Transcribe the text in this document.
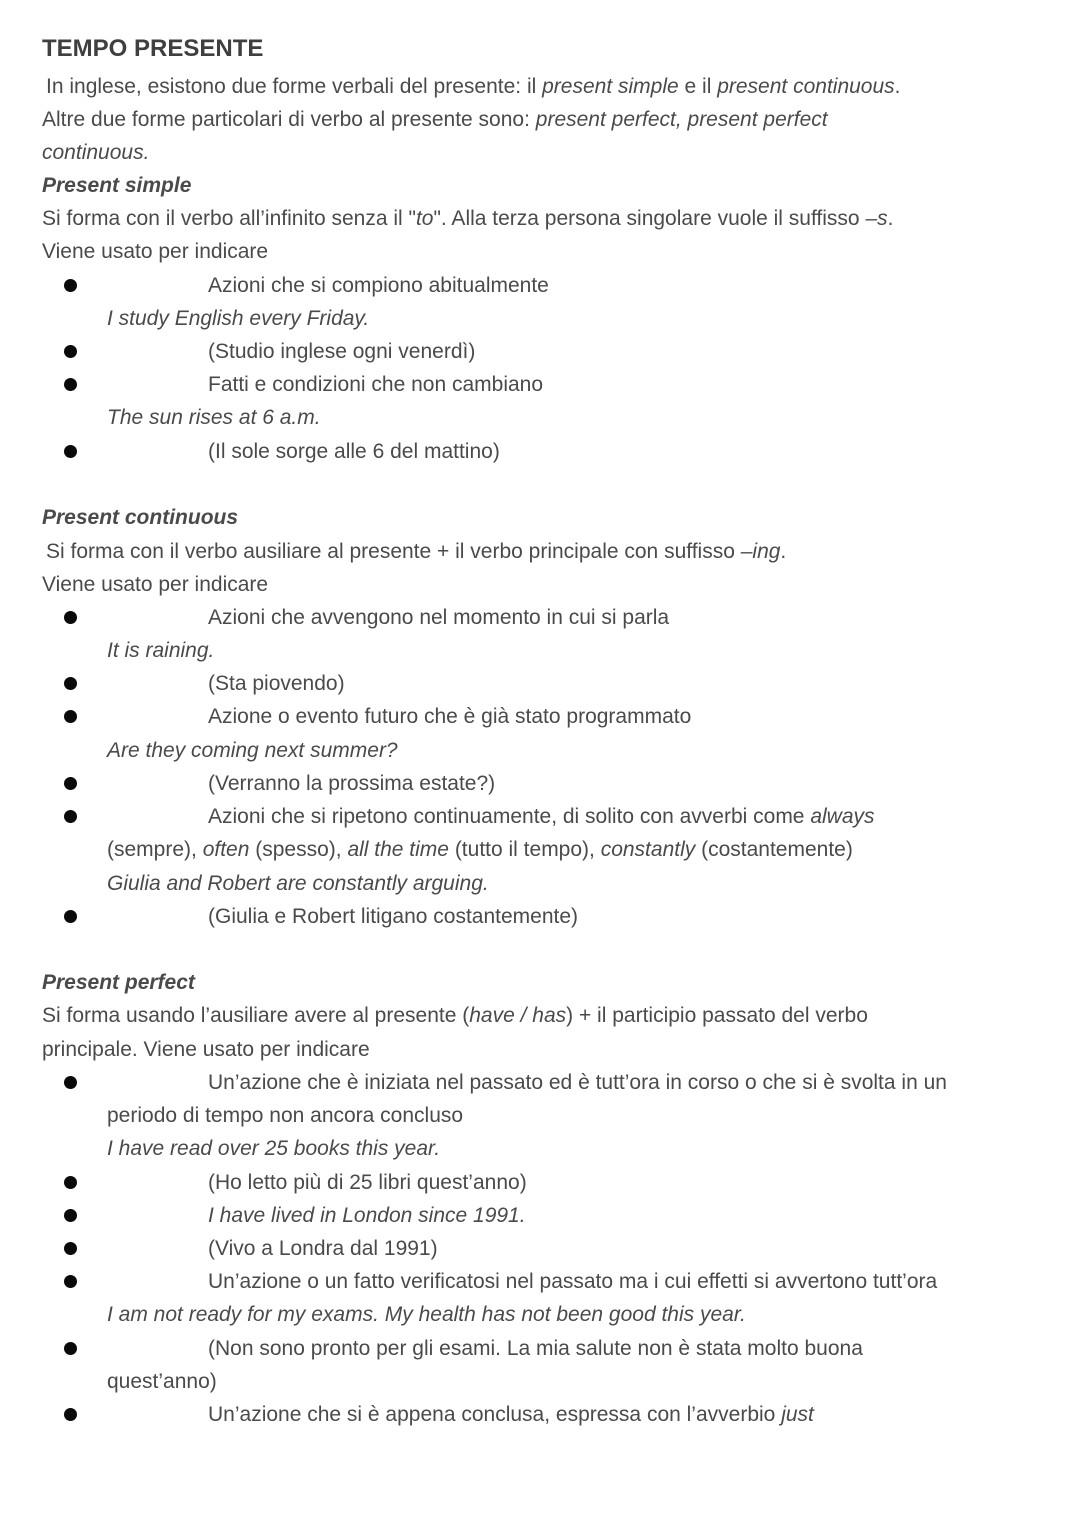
TEMPO PRESENTE
In inglese, esistono due forme verbali del presente: il present simple e il present continuous.
Altre due forme particolari di verbo al presente sono: present perfect, present perfect
continuous.
Present simple
Si forma con il verbo all’infinito senza il "to". Alla terza persona singolare vuole il suffisso –s.
Viene usato per indicare
Azioni che si compiono abitualmente
I study English every Friday.
(Studio inglese ogni venerdì)
Fatti e condizioni che non cambiano
The sun rises at 6 a.m.
(Il sole sorge alle 6 del mattino)
Present continuous
Si forma con il verbo ausiliare al presente + il verbo principale con suffisso –ing.
Viene usato per indicare
Azioni che avvengono nel momento in cui si parla
It is raining.
(Sta piovendo)
Azione o evento futuro che è già stato programmato
Are they coming next summer?
(Verranno la prossima estate?)
Azioni che si ripetono continuamente, di solito con avverbi come always
(sempre), often (spesso), all the time (tutto il tempo), constantly (costantemente)
Giulia and Robert are constantly arguing.
(Giulia e Robert litigano costantemente)
Present perfect
Si forma usando l’ausiliare avere al presente (have / has) + il participio passato del verbo
principale. Viene usato per indicare
Un’azione che è iniziata nel passato ed è tutt’ora in corso o che si è svolta in un
periodo di tempo non ancora concluso
I have read over 25 books this year.
(Ho letto più di 25 libri quest’anno)
I have lived in London since 1991.
(Vivo a Londra dal 1991)
Un’azione o un fatto verificatosi nel passato ma i cui effetti si avvertono tutt’ora
I am not ready for my exams. My health has not been good this year.
(Non sono pronto per gli esami. La mia salute non è stata molto buona
quest’anno)
Un’azione che si è appena conclusa, espressa con l’avverbio just
